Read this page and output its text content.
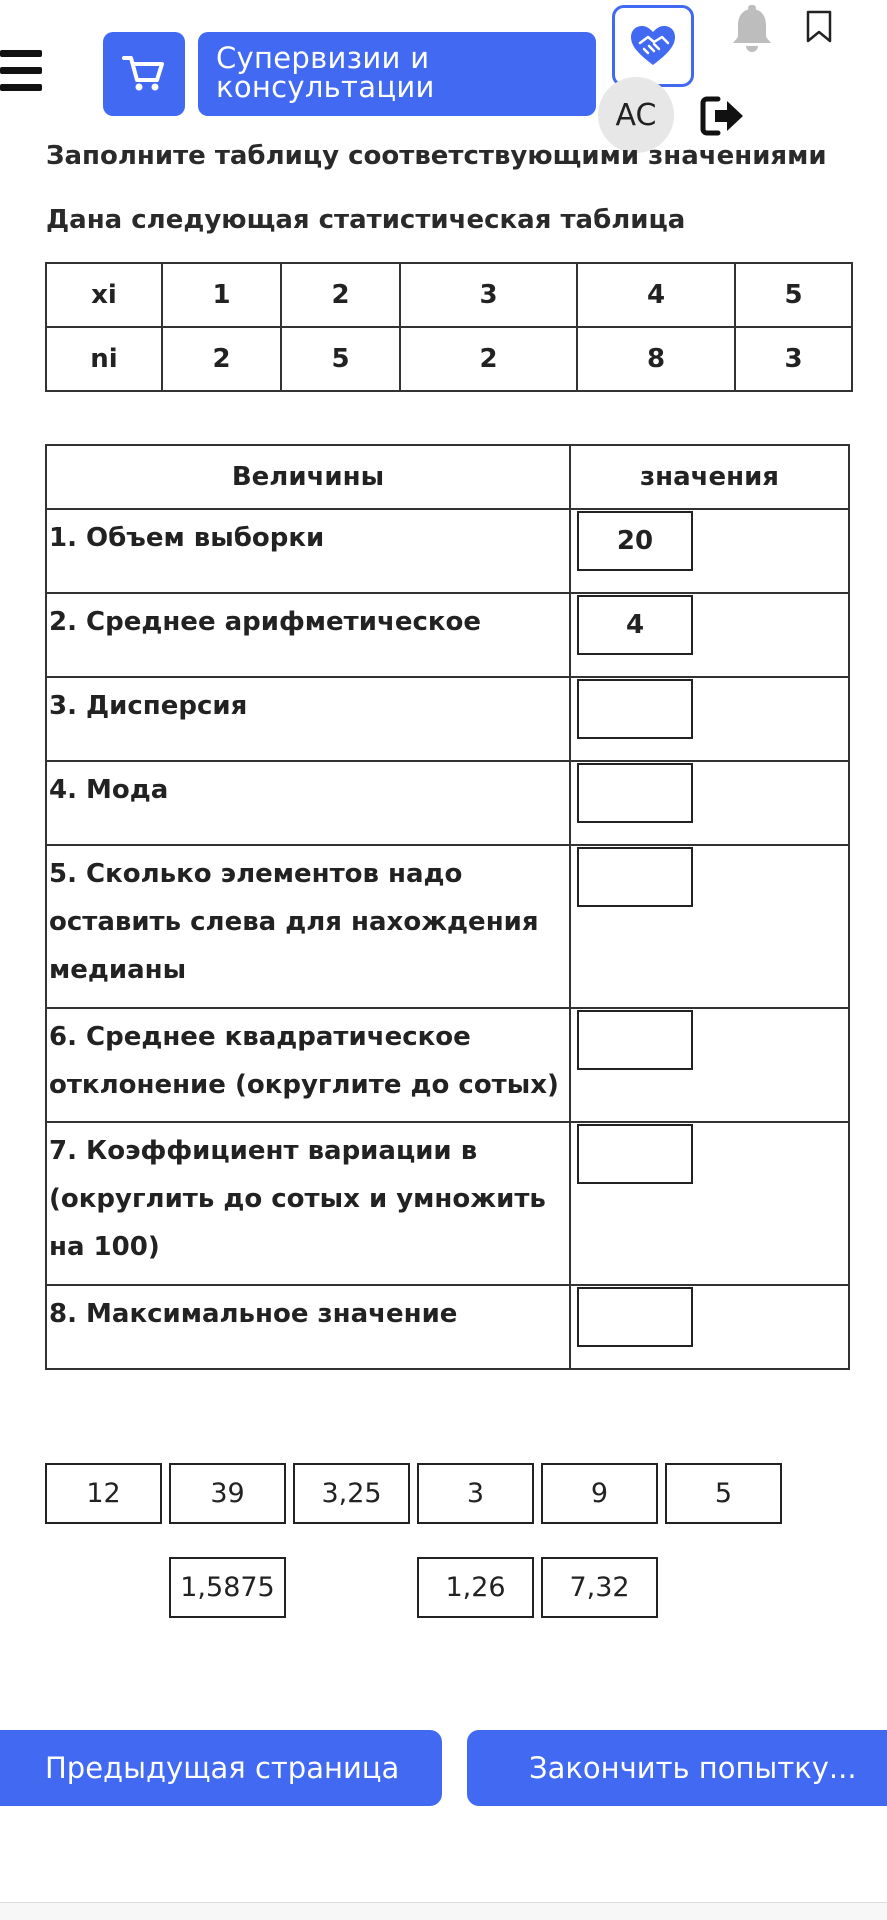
Супервизии и
консультации
AC
Заполните таблицу соответствующими значениями
Дана следующая статистическая таблица
xi	1	2	3	4	5
ni	2	5	2	8	3
Величины	значения
1. Объем выборки	20

2. Среднее арифметическое	4

3. Дисперсия	

4. Мода	

5. Сколько элементов надо оставить слева для нахождения медианы	

6. Среднее квадратическое отклонение (округлите до сотых)	

7. Коэффициент вариации в (округлить до сотых и умножить на 100)	

8. Максимальное значение	
12	39	3,25	3	9	5
1,5875	1,26	7,32
Предыдущая страница	Закончить попытку...
